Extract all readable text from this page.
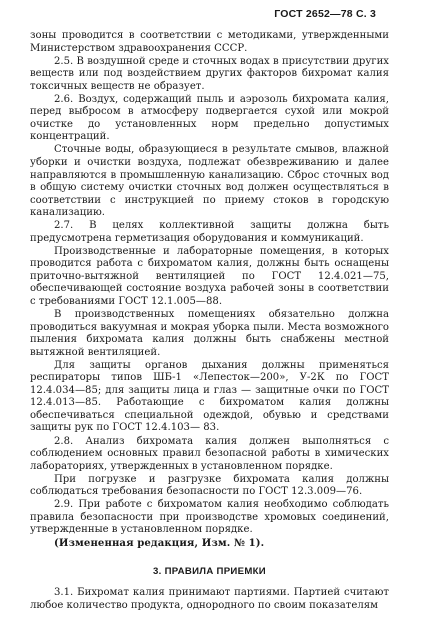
ГОСТ 2652—78 С. 3

зоны проводится в соответствии с методиками, утвержденными Министерством здравоохранения СССР.

2.5. В воздушной среде и сточных водах в присутствии других веществ или под воздействием других факторов бихромат калия токсичных веществ не образует.

2.6. Воздух, содержащий пыль и аэрозоль бихромата калия, перед выбросом в атмосферу подвергается сухой или мокрой очистке до установленных норм предельно допустимых концентраций.

Сточные воды, образующиеся в результате смывов, влажной уборки и очистки воздуха, подлежат обезвреживанию и далее направляются в промышленную канализацию. Сброс сточных вод в общую систему очистки сточных вод должен осуществляться в соответствии с инструкцией по приему стоков в городскую канализацию.

2.7. В целях коллективной защиты должна быть предусмотрена герметизация оборудования и коммуникаций.

Производственные и лабораторные помещения, в которых проводится работа с бихроматом калия, должны быть оснащены приточно-вытяжной вентиляцией по ГОСТ 12.4.021—75, обеспечивающей состояние воздуха рабочей зоны в соответствии с требованиями ГОСТ 12.1.005—88.

В производственных помещениях обязательно должна проводиться вакуумная и мокрая уборка пыли. Места возможного пыления бихромата калия должны быть снабжены местной вытяжной вентиляцией.

Для защиты органов дыхания должны применяться респираторы типов ШБ-1 «Лепесток—200», У-2К по ГОСТ 12.4.034—85; для защиты лица и глаз — защитные очки по ГОСТ 12.4.013—85. Работающие с бихроматом калия должны обеспечиваться специальной одеждой, обувью и средствами защиты рук по ГОСТ 12.4.103— 83.

2.8. Анализ бихромата калия должен выполняться с соблюдением основных правил безопасной работы в химических лабораториях, утвержденных в установленном порядке.

При погрузке и разгрузке бихромата калия должны соблюдаться требования безопасности по ГОСТ 12.3.009—76.

2.9. При работе с бихроматом калия необходимо соблюдать правила безопасности при производстве хромовых соединений, утвержденные в установленном порядке.

(Измененная редакция, Изм. № 1).

3. ПРАВИЛА ПРИЕМКИ

3.1. Бихромат калия принимают партиями. Партией считают любое количество продукта, однородного по своим показателям
